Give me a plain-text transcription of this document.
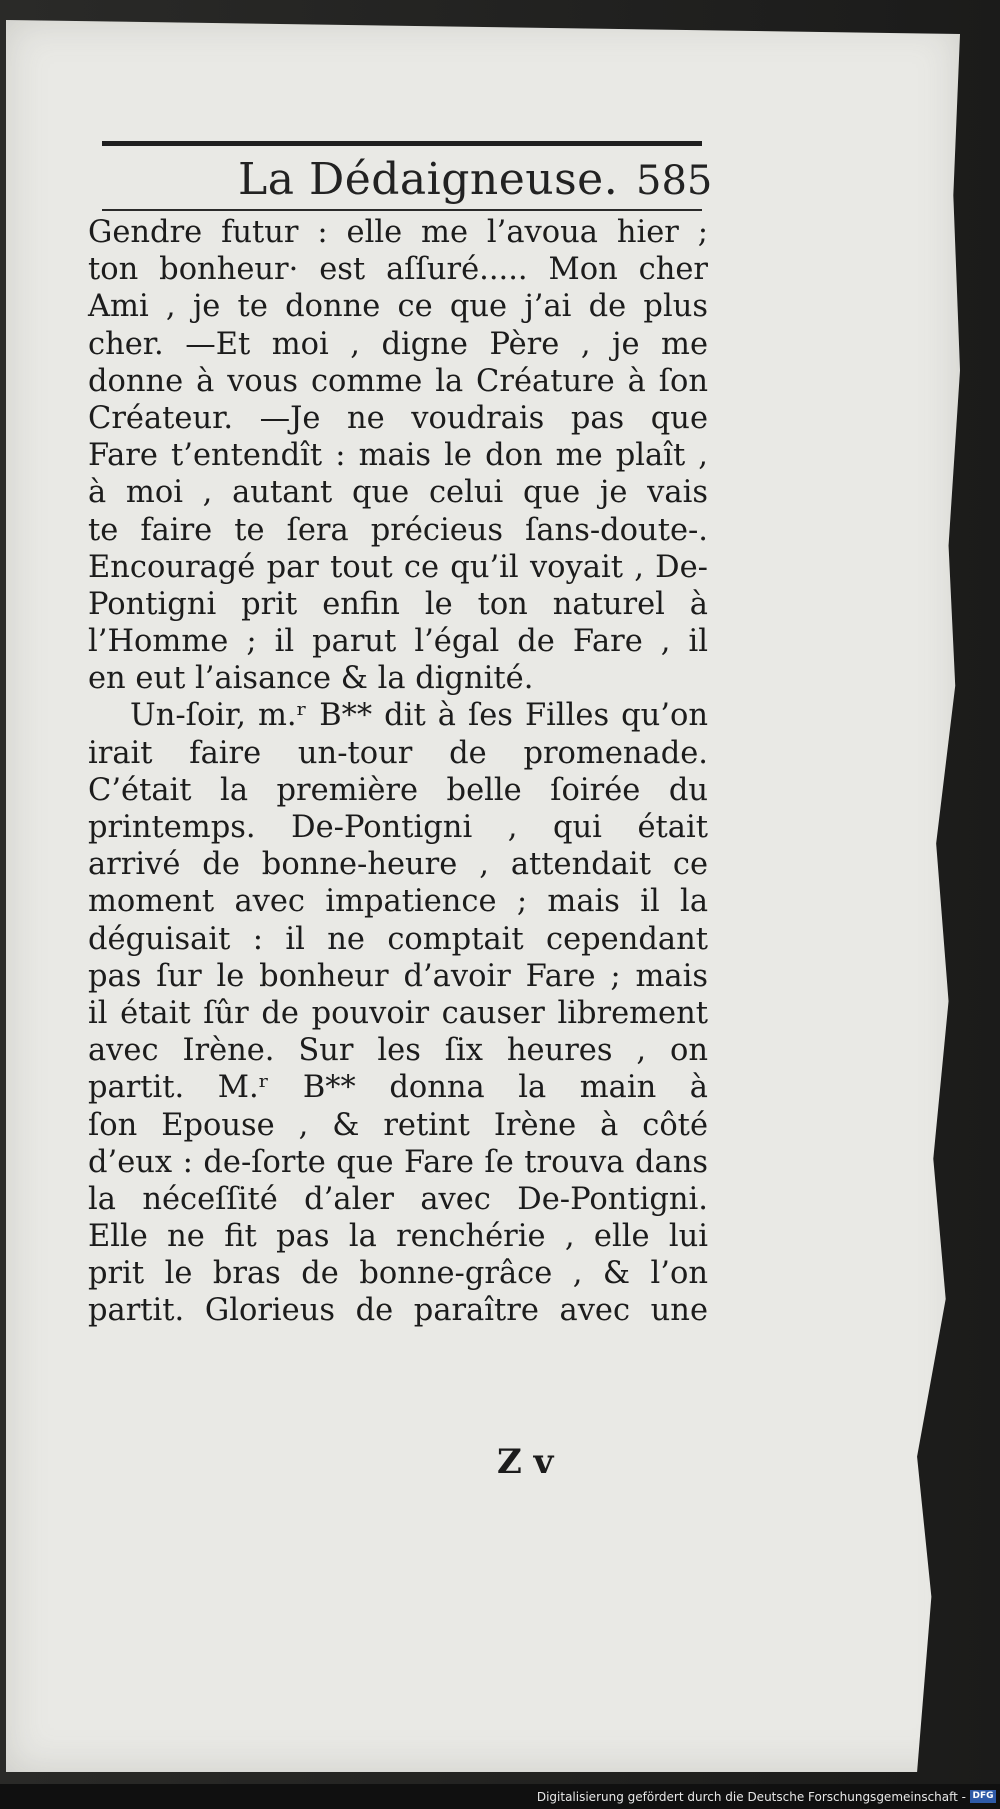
La Dédaigneuse. 585
Gendre futur : elle me l’avoua hier ;
ton bonheur· est aſſuré..... Mon cher
Ami , je te donne ce que j’ai de plus
cher. —Et moi , digne Père , je me
donne à vous comme la Créature à ſon
Créateur. —Je ne voudrais pas que
Fare t’entendît : mais le don me plaît ,
à moi , autant que celui que je vais
te faire te ſera précieus ſans-doute-.
Encouragé par tout ce qu’il voyait , De-
Pontigni prit enfin le ton naturel à
l’Homme ; il parut l’égal de Fare , il
en eut l’aisance & la dignité.
Un-ſoir, m.ʳ B** dit à ſes Filles qu’on
irait faire un-tour de promenade.
C’était la première belle ſoirée du
printemps. De-Pontigni , qui était
arrivé de bonne-heure , attendait ce
moment avec impatience ; mais il la
déguisait : il ne comptait cependant
pas ſur le bonheur d’avoir Fare ; mais
il était ſûr de pouvoir causer librement
avec Irène. Sur les ſix heures , on
partit. M.ʳ B** donna la main à
ſon Epouse , & retint Irène à côté
d’eux : de-ſorte que Fare ſe trouva dans
la néceſſité d’aler avec De-Pontigni.
Elle ne fit pas la renchérie , elle lui
prit le bras de bonne-grâce , & l’on
partit. Glorieus de paraître avec une
Z v
Digitalisierung gefördert durch die Deutsche Forschungsgemeinschaft - DFG
